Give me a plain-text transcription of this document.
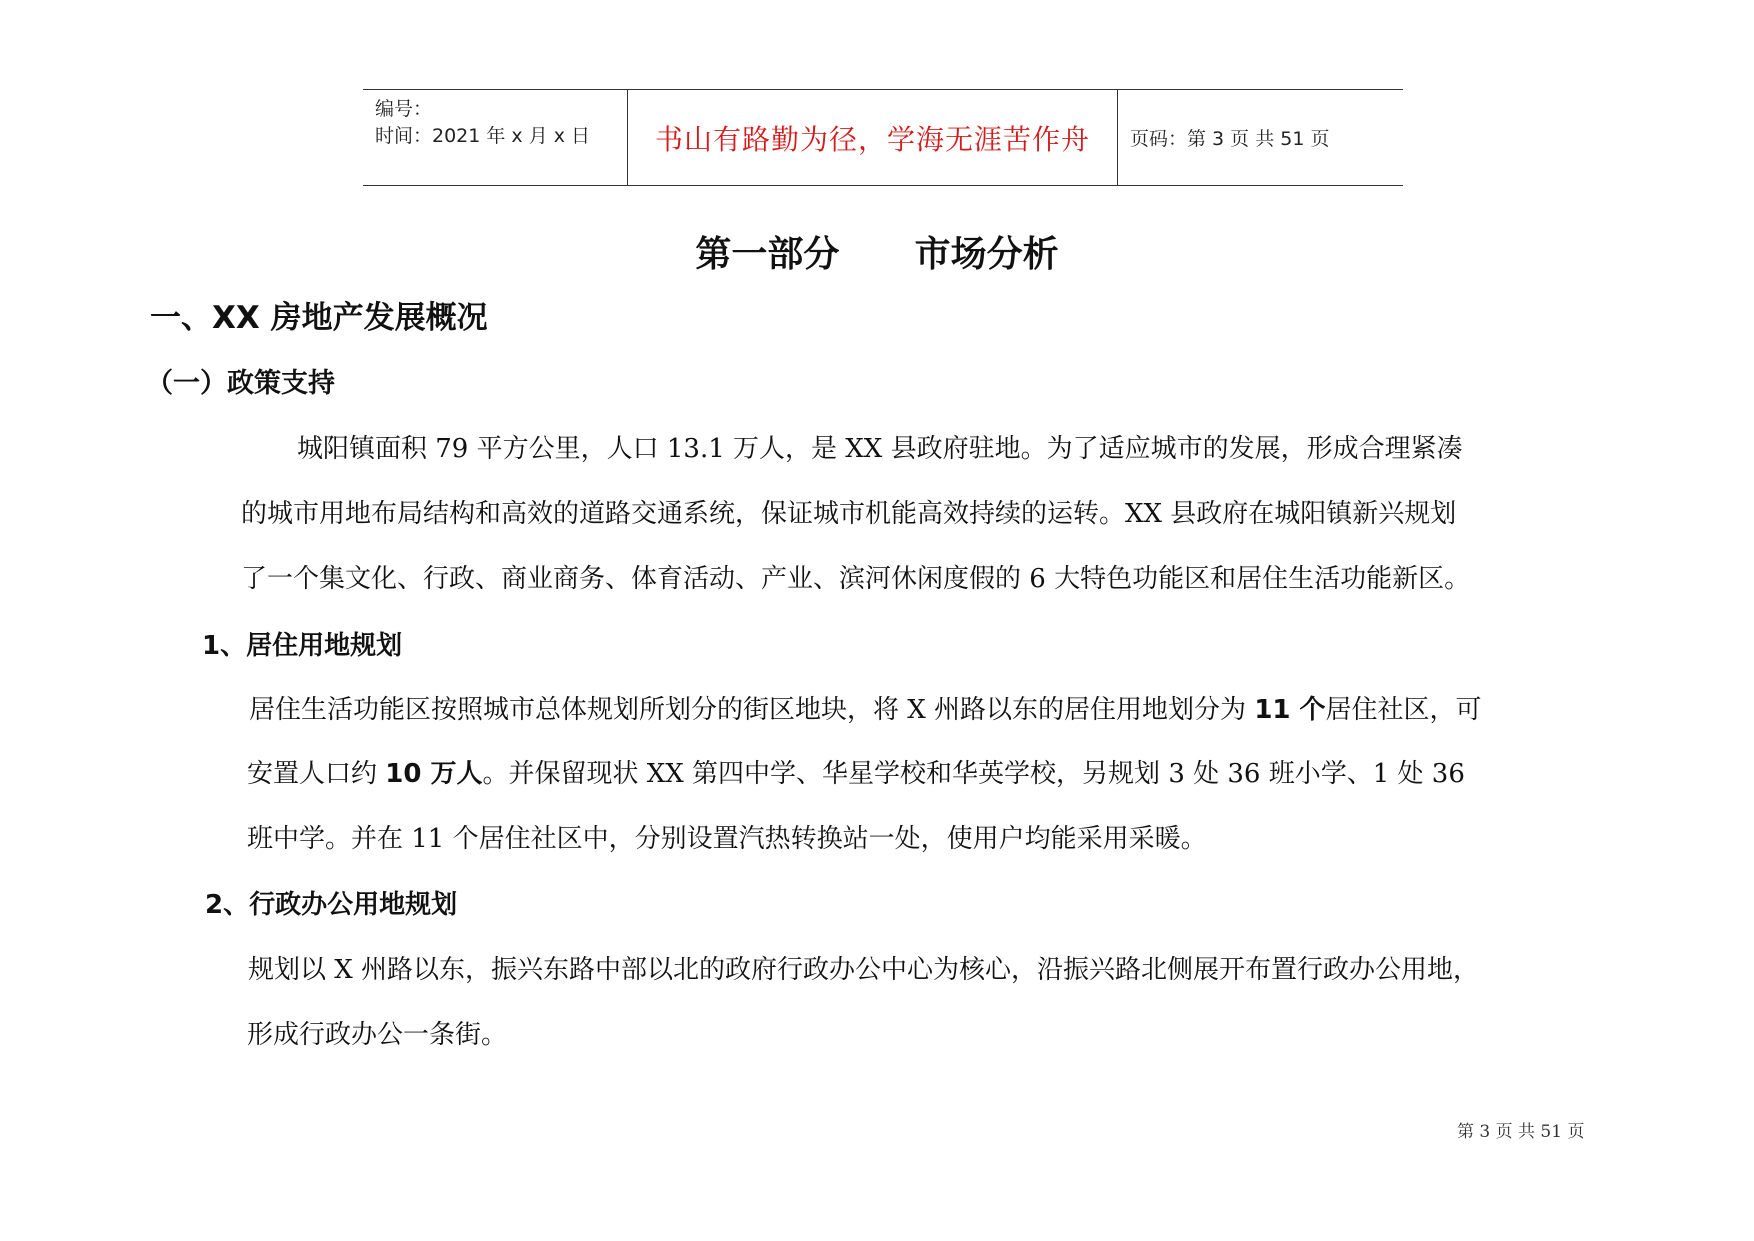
编号：
时间：2021 年 x 月 x 日 书山有路勤为径，学海无涯苦作舟 页码：第 3 页 共 51 页
第一部分      市场分析
一、XX 房地产发展概况
（一）政策支持
城阳镇面积 79 平方公里，人口 13.1 万人，是 XX 县政府驻地。为了适应城市的发展，形成合理紧凑
的城市用地布局结构和高效的道路交通系统，保证城市机能高效持续的运转。XX 县政府在城阳镇新兴规划
了一个集文化、行政、商业商务、体育活动、产业、滨河休闲度假的 6 大特色功能区和居住生活功能新区。
1、居住用地规划
居住生活功能区按照城市总体规划所划分的街区地块，将 X 州路以东的居住用地划分为 11 个居住社区，可
安置人口约 10 万人。并保留现状 XX 第四中学、华星学校和华英学校，另规划 3 处 36 班小学、1 处 36
班中学。并在 11 个居住社区中，分别设置汽热转换站一处，使用户均能采用采暖。
2、行政办公用地规划
规划以 X 州路以东，振兴东路中部以北的政府行政办公中心为核心，沿振兴路北侧展开布置行政办公用地，
形成行政办公一条街。
第 3 页 共 51 页
